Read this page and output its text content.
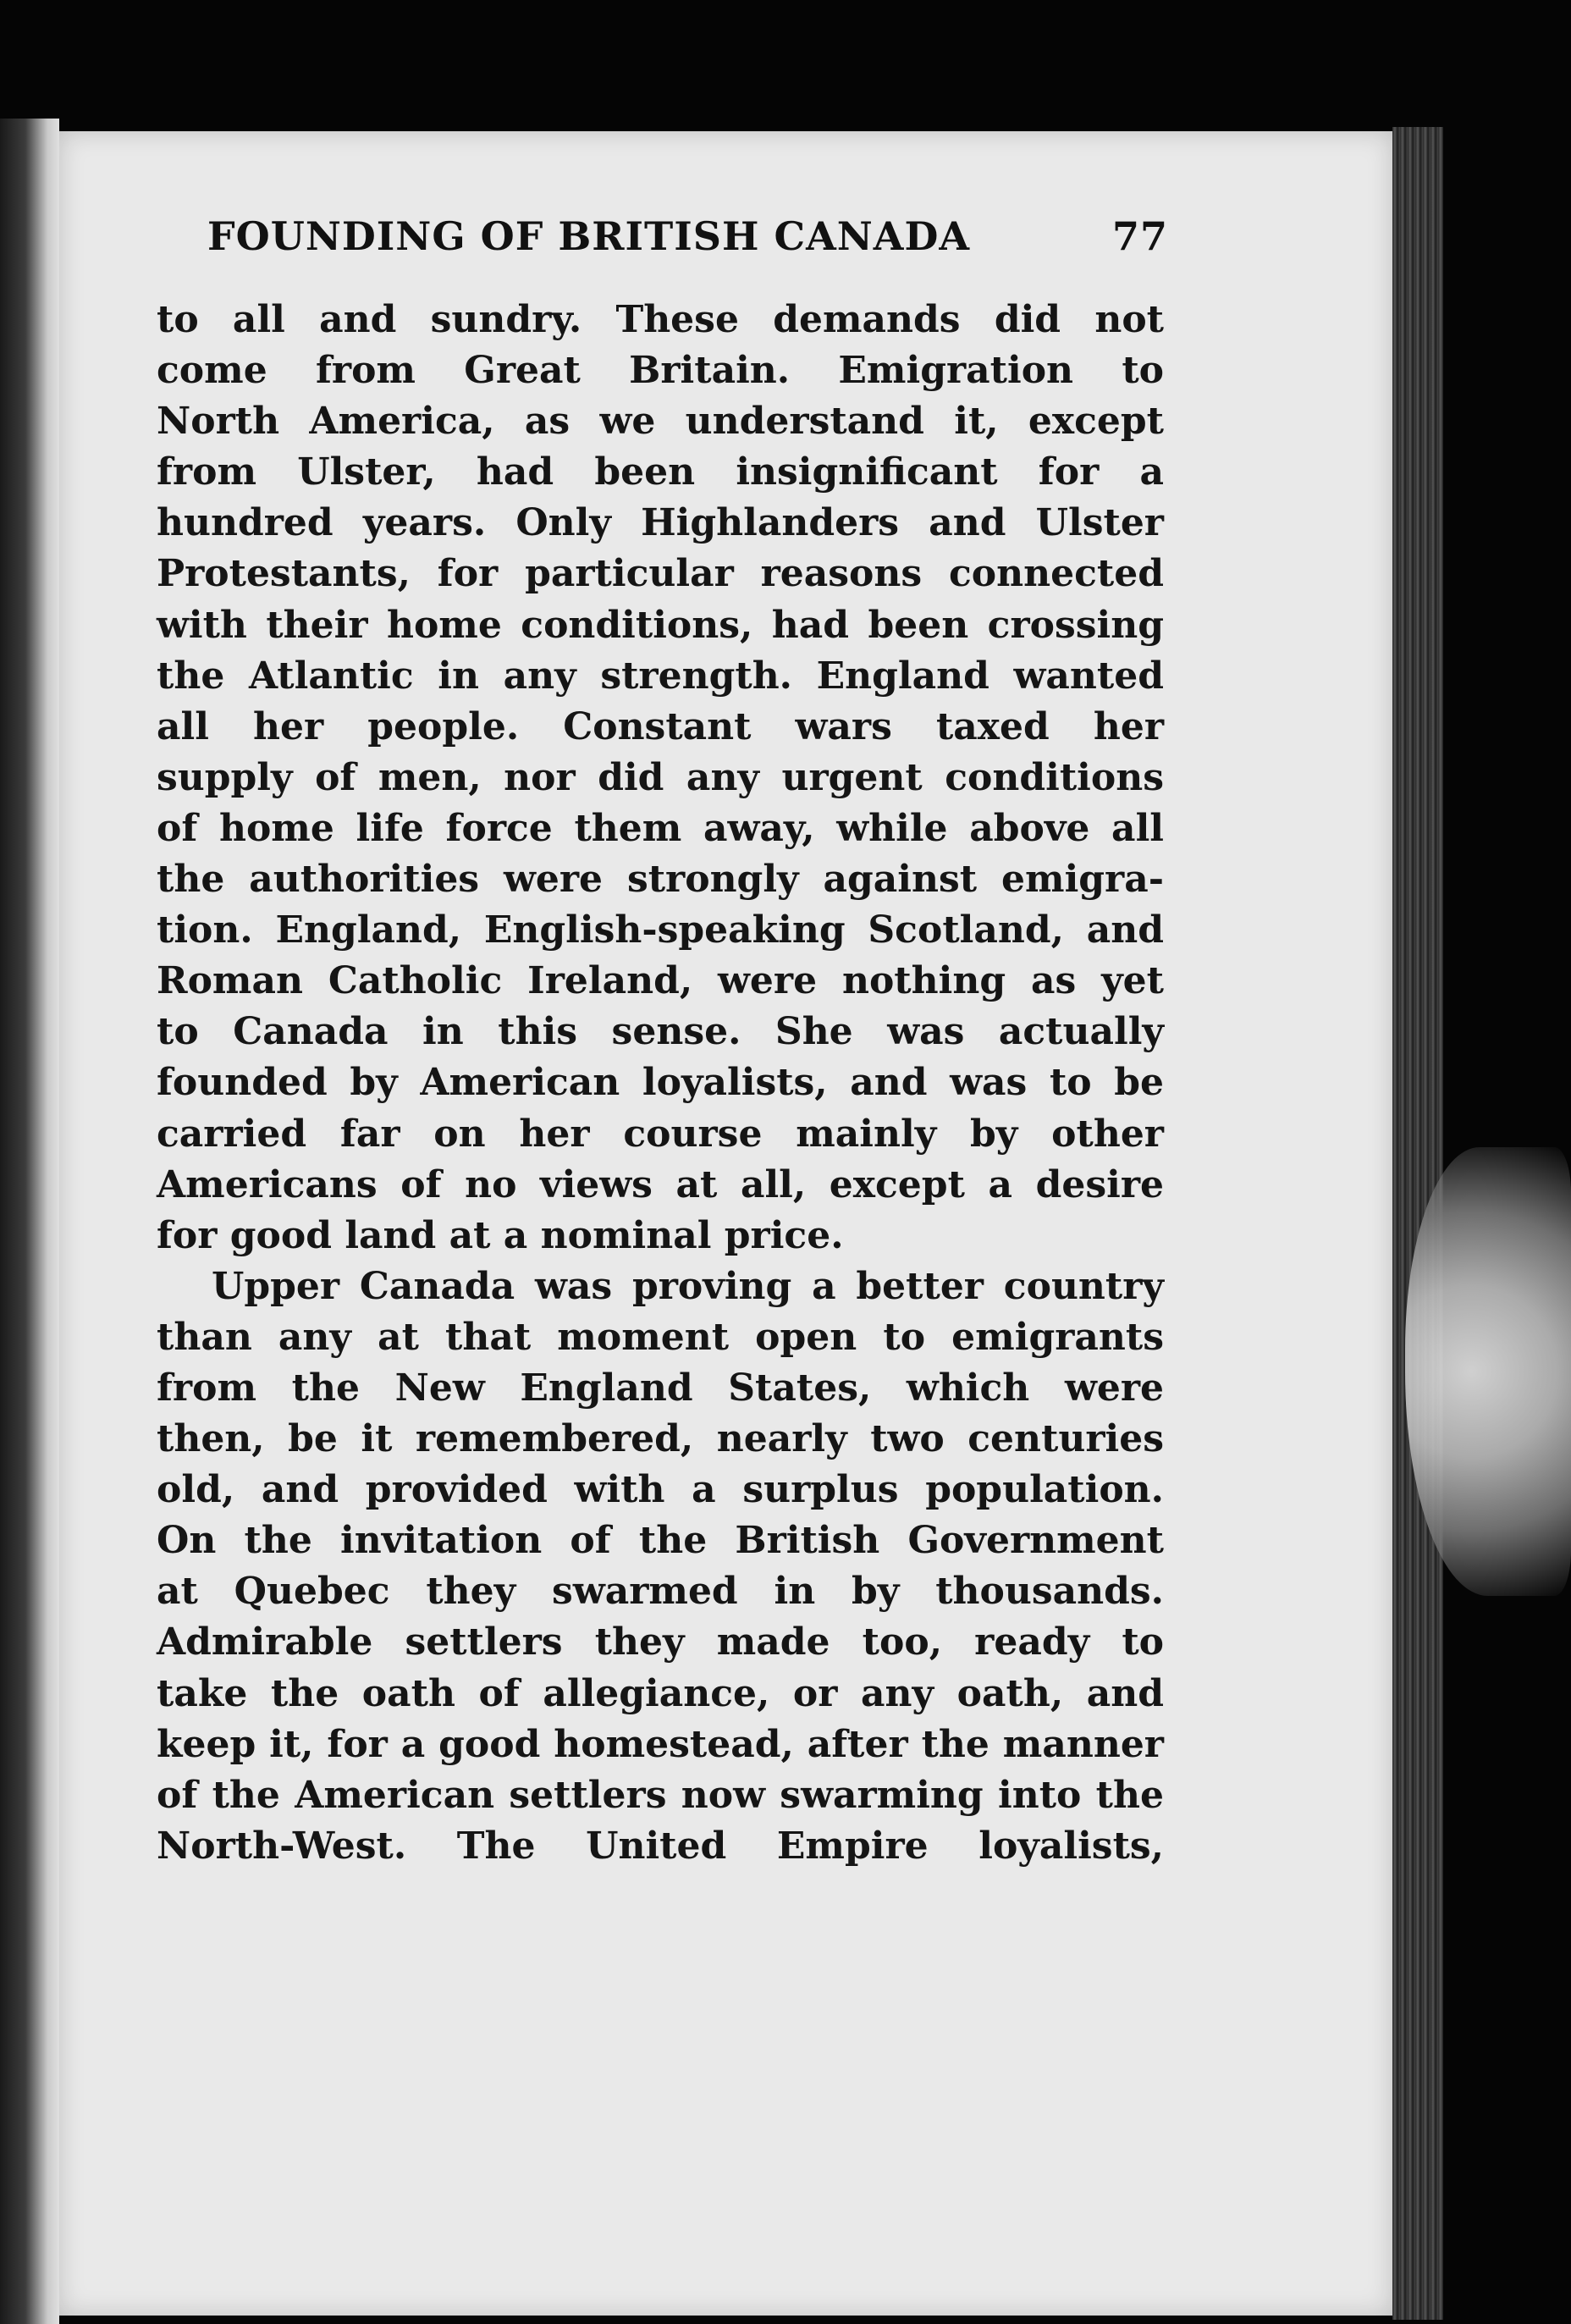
FOUNDING OF BRITISH CANADA	77
to all and sundry. These demands did not
come from Great Britain. Emigration to
North America, as we understand it, except
from Ulster, had been insignificant for a
hundred years. Only Highlanders and Ulster
Protestants, for particular reasons connected
with their home conditions, had been crossing
the Atlantic in any strength. England wanted
all her people. Constant wars taxed her
supply of men, nor did any urgent conditions
of home life force them away, while above all
the authorities were strongly against emigra-
tion. England, English-speaking Scotland, and
Roman Catholic Ireland, were nothing as yet
to Canada in this sense. She was actually
founded by American loyalists, and was to be
carried far on her course mainly by other
Americans of no views at all, except a desire
for good land at a nominal price.
Upper Canada was proving a better country
than any at that moment open to emigrants
from the New England States, which were
then, be it remembered, nearly two centuries
old, and provided with a surplus population.
On the invitation of the British Government
at Quebec they swarmed in by thousands.
Admirable settlers they made too, ready to
take the oath of allegiance, or any oath, and
keep it, for a good homestead, after the manner
of the American settlers now swarming into the
North-West. The United Empire loyalists,
